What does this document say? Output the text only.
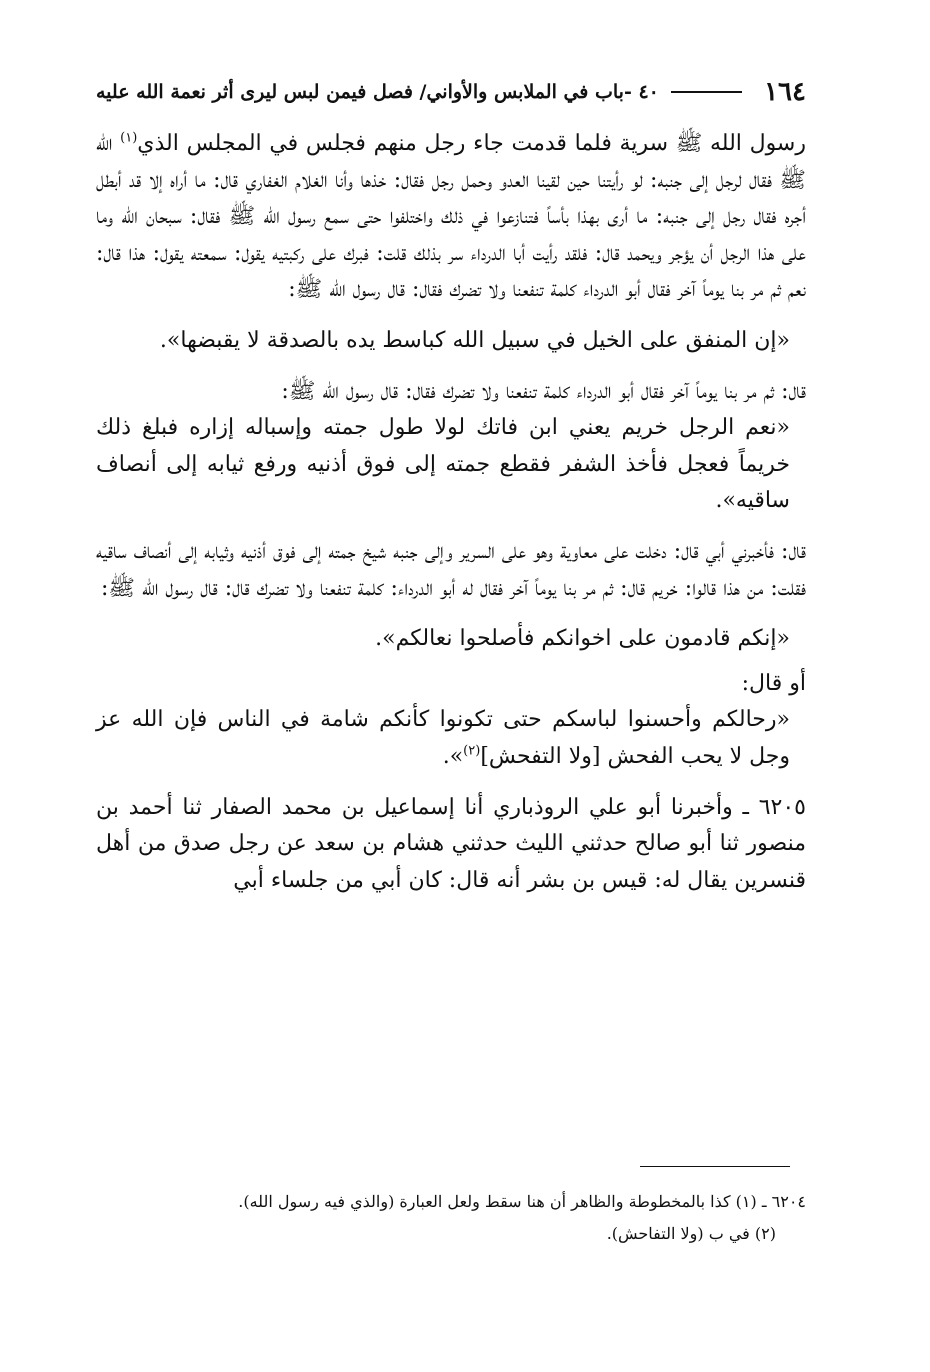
١٦٤
٤٠ -باب في الملابس والأواني/ فصل فيمن لبس ليرى أثر نعمة الله عليه

رسول الله ﷺ سرية فلما قدمت جاء رجل منهم فجلس في المجلس الذي$^{(١)}$ الله ﷺ فقال لرجل إلى جنبه: لو رأيتنا حين لقينا العدو وحمل رجل فقال: خذها وأنا الغلام الغفاري قال: ما أراه إلا قد أبطل أجره فقال رجل إلى جنبه: ما أرى بهذا بأساً فتنازعوا في ذلك واختلفوا حتى سمع رسول الله ﷺ فقال: سبحان الله وما على هذا الرجل أن يؤجر ويحمد قال: فلقد رأيت أبا الدرداء سر بذلك قلت: فبرك على ركبتيه يقول: سمعته يقول: هذا قال: نعم ثم مر بنا يوماً آخر فقال أبو الدرداء كلمة تنفعنا ولا تضرك فقال: قال رسول الله ﷺ:

«إن المنفق على الخيل في سبيل الله كباسط يده بالصدقة لا يقبضها».

قال: ثم مر بنا يوماً آخر فقال أبو الدرداء كلمة تنفعنا ولا تضرك فقال: قال رسول الله ﷺ:

«نعم الرجل خريم يعني ابن فاتك لولا طول جمته وإسباله إزاره فبلغ ذلك خريماً فعجل فأخذ الشفر فقطع جمته إلى فوق أذنيه ورفع ثيابه إلى أنصاف ساقيه».

قال: فأخبرني أبي قال: دخلت على معاوية وهو على السرير وإلى جنبه شيخ جمته إلى فوق أذنيه وثيابه إلى أنصاف ساقيه فقلت: من هذا قالوا: خريم قال: ثم مر بنا يوماً آخر فقال له أبو الدرداء: كلمة تنفعنا ولا تضرك قال: قال رسول الله ﷺ:

«إنكم قادمون على اخوانكم فأصلحوا نعالكم».

أو قال:

«رحالكم وأحسنوا لباسكم حتى تكونوا كأنكم شامة في الناس فإن الله عز وجل لا يحب الفحش [ولا التفحش]$^{(٢)}$».

٦٢٠٥ ـ وأخبرنا أبو علي الروذباري أنا إسماعيل بن محمد الصفار ثنا أحمد بن منصور ثنا أبو صالح حدثني الليث حدثني هشام بن سعد عن رجل صدق من أهل قنسرين يقال له: قيس بن بشر أنه قال: كان أبي من جلساء أبي

٦٢٠٤ ـ (١) كذا بالمخطوطة والظاهر أن هنا سقط ولعل العبارة (والذي فيه رسول الله).

(٢) في ب (ولا التفاحش).
